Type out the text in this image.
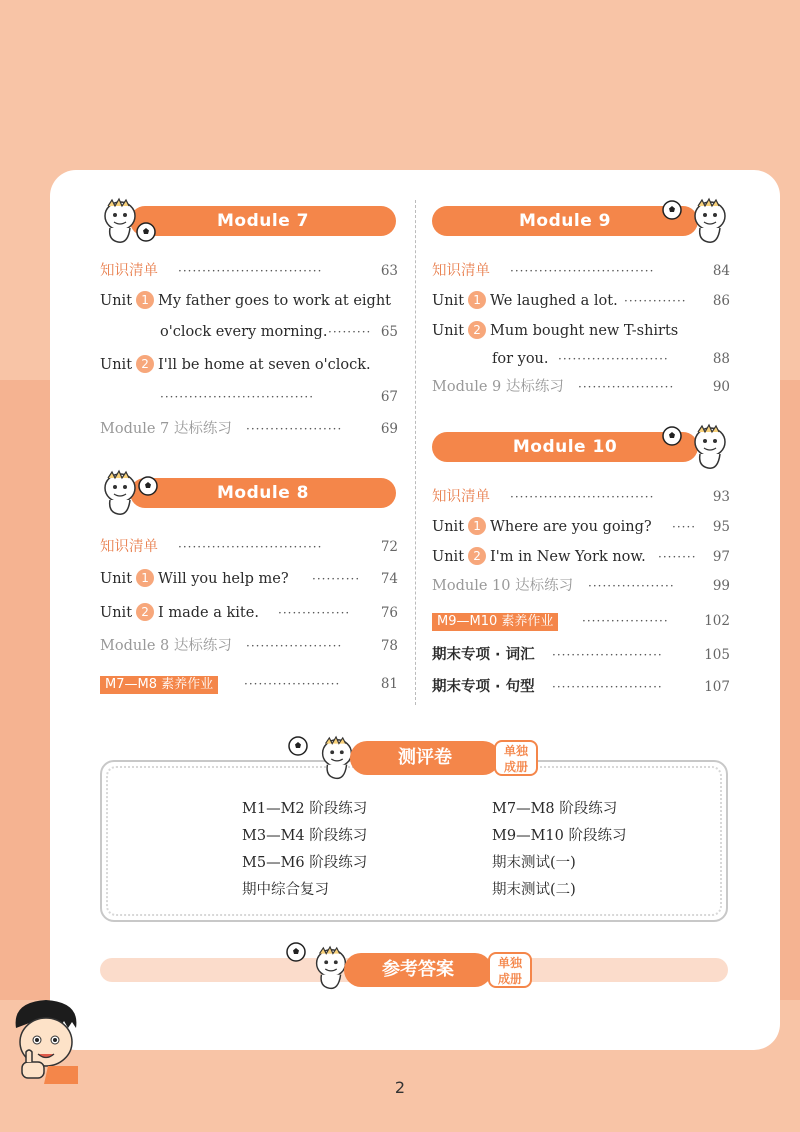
Module 7
知识清单 ······························	63
Unit 1 My father goes to work at eight
o'clock every morning. ········· 65
Unit 2 I'll be home at seven o'clock.
································	67
Module 7 达标练习 ····················	69
Module 8
知识清单 ······························	72
Unit 1 Will you help me? ··········	74
Unit 2 I made a kite. ···············	76
Module 8 达标练习 ····················	78
M7—M8 素养作业	····················	81
Module 9
知识清单 ······························	84
Unit 1 We laughed a lot. ·············	86
Unit 2 Mum bought new T-shirts
for you. ·······················	88
Module 9 达标练习 ····················	90
Module 10
知识清单 ······························	93
Unit 1 Where are you going? ·····	95
Unit 2 I'm in New York now. ········	97
Module 10 达标练习 ··················	99
M9—M10 素养作业	··················	102
期末专项 · 词汇 ·······················	105
期末专项 · 句型 ·······················	107
测评卷	单独
成册
M1—M2 阶段练习
M3—M4 阶段练习
M5—M6 阶段练习
期中综合复习
M7—M8 阶段练习
M9—M10 阶段练习
期末测试(一)
期末测试(二)
参考答案	单独
成册
2
